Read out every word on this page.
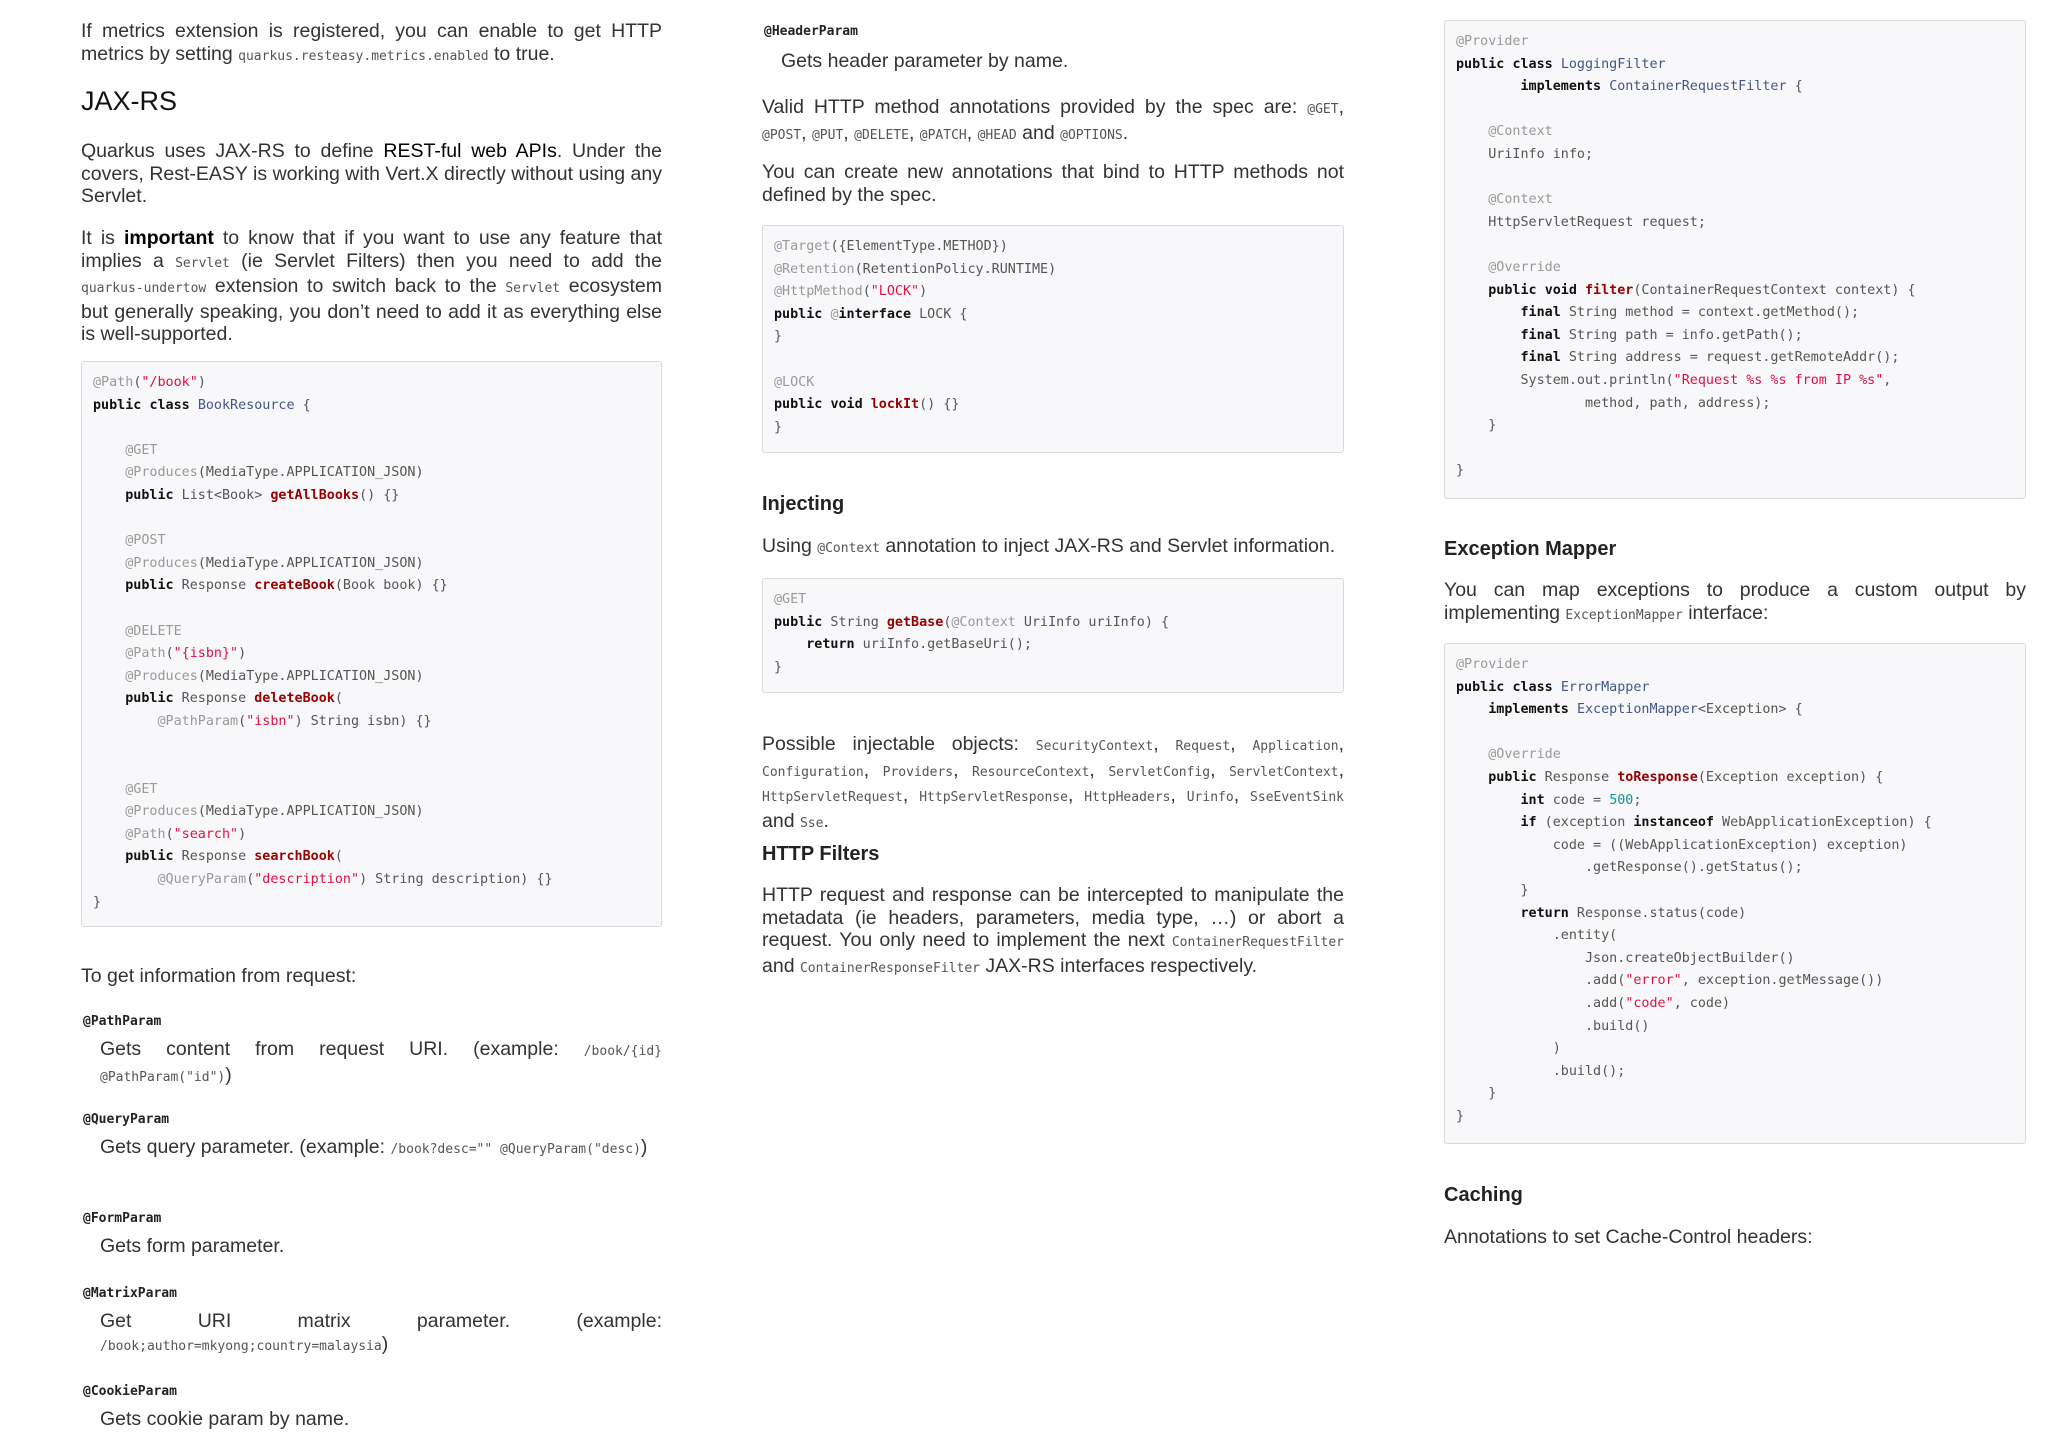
If metrics extension is registered, you can enable to get HTTP metrics by setting quarkus.resteasy.metrics.enabled to true.

JAX-RS

Quarkus uses JAX-RS to define REST-ful web APIs. Under the covers, Rest-EASY is working with Vert.X directly without using any Servlet.

It is important to know that if you want to use any feature that implies a Servlet (ie Servlet Filters) then you need to add the quarkus-undertow extension to switch back to the Servlet ecosystem but generally speaking, you don’t need to add it as everything else is well-supported.

@Path("/book")
public class BookResource {
@GET
@Produces(MediaType.APPLICATION_JSON)
public List<Book> getAllBooks() {}
@POST
@Produces(MediaType.APPLICATION_JSON)
public Response createBook(Book book) {}
@DELETE
@Path("{isbn}")
@Produces(MediaType.APPLICATION_JSON)
public Response deleteBook(
@PathParam("isbn") String isbn) {}
@GET
@Produces(MediaType.APPLICATION_JSON)
@Path("search")
public Response searchBook(
@QueryParam("description") String description) {}
}

To get information from request:

@PathParam

Gets content from request URI. (example: /book/{id} @PathParam("id"))

@QueryParam

Gets query parameter. (example: /book?desc="" @QueryParam("desc))

@FormParam

Gets form parameter.

@MatrixParam

Get URI matrix parameter. (example: /book;author=mkyong;country=malaysia)

@CookieParam

Gets cookie param by name.

@HeaderParam

Gets header parameter by name.

Valid HTTP method annotations provided by the spec are: @GET, @POST, @PUT, @DELETE, @PATCH, @HEAD and @OPTIONS.

You can create new annotations that bind to HTTP methods not defined by the spec.

@Target({ElementType.METHOD})
@Retention(RetentionPolicy.RUNTIME)
@HttpMethod("LOCK")
public @interface LOCK {
}
@LOCK
public void lockIt() {}
}
Injecting

Using @Context annotation to inject JAX-RS and Servlet information.

@GET
public String getBase(@Context UriInfo uriInfo) {
return uriInfo.getBaseUri();
}

Possible injectable objects: SecurityContext, Request, Application, Configuration, Providers, ResourceContext, ServletConfig, ServletContext, HttpServletRequest, HttpServletResponse, HttpHeaders, Urinfo, SseEventSink and Sse.

HTTP Filters

HTTP request and response can be intercepted to manipulate the metadata (ie headers, parameters, media type, …) or abort a request. You only need to implement the next ContainerRequestFilter and ContainerResponseFilter JAX-RS interfaces respectively.

@Provider
public class LoggingFilter
implements ContainerRequestFilter {
@Context
UriInfo info;
@Context
HttpServletRequest request;
@Override
public void filter(ContainerRequestContext context) {
final String method = context.getMethod();
final String path = info.getPath();
final String address = request.getRemoteAddr();
System.out.println("Request %s %s from IP %s",
method, path, address);
}
}
Exception Mapper

You can map exceptions to produce a custom output by implementing ExceptionMapper interface:

@Provider
public class ErrorMapper
implements ExceptionMapper<Exception> {
@Override
public Response toResponse(Exception exception) {
int code = 500;
if (exception instanceof WebApplicationException) {
code = ((WebApplicationException) exception)
.getResponse().getStatus();
}
return Response.status(code)
.entity(
Json.createObjectBuilder()
.add("error", exception.getMessage())
.add("code", code)
.build()
)
.build();
}
}
Caching

Annotations to set Cache-Control headers:
